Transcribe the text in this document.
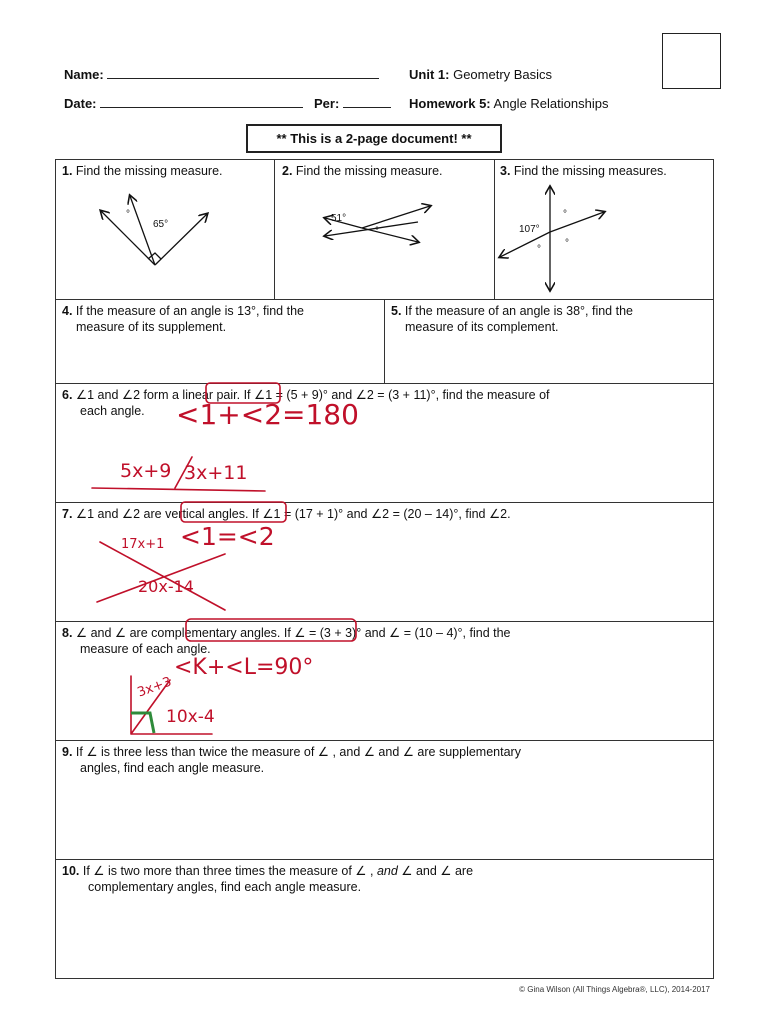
Name:	Unit 1: Geometry Basics
Date:	Per:	Homework 5: Angle Relationships
** This is a 2-page document! **
1. Find the missing measure.	2. Find the missing measure.	3. Find the missing measures.
4. If the measure of an angle is 13°, find the
measure of its supplement.
5. If the measure of an angle is 38°, find the
measure of its complement.
6. ∠1 and ∠2 form a linear pair. If ∠1 = (5 + 9)° and ∠2 = (3 + 11)°, find the measure of
each angle.
7. ∠1 and ∠2 are vertical angles. If ∠1 = (17 + 1)° and ∠2 = (20 – 14)°, find ∠2.
8. ∠ and ∠ are complementary angles. If ∠ = (3 + 3)° and ∠ = (10 – 4)°, find the
measure of each angle.
9. If ∠ is three less than twice the measure of ∠ , and ∠ and ∠ are supplementary
angles, find each angle measure.
10. If ∠ is two more than three times the measure of ∠ , and ∠ and ∠ are
complementary angles, find each angle measure.
65°
°	51°
°	107°
°
°
°
<1+<2=180
5x+9 3x+11
<1=<2
17x+1
20x-14
<K+<L=90°
3x+3
10x-4
© Gina Wilson (All Things Algebra®, LLC), 2014-2017
